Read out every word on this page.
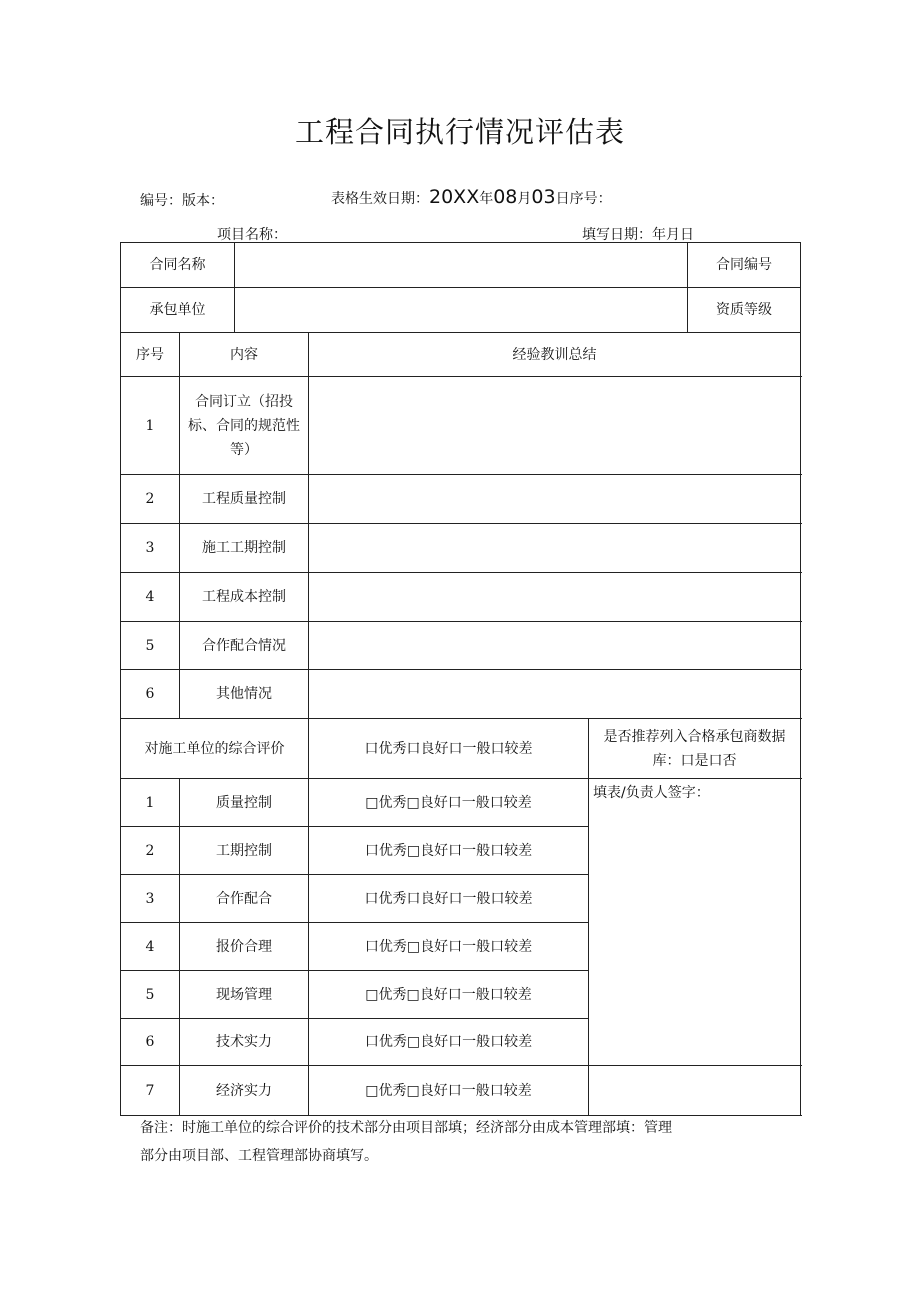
工程合同执行情况评估表
编号：版本：	表格生效日期：20XX年08月03日序号：
项目名称：	填写日期：年月日
合同名称					合同编号	
承包单位					资质等级	
序号	内容		经验教训总结			
1	合同订立（招投标、合同的规范性等）					
2	工程质量控制					
3	施工工期控制					
4	工程成本控制					
5	合作配合情况					
6	其他情况					
对施工单位的综合评价			口优秀口良好口一般口较差	是否推荐列入合格承包商数据库：口是口否		
1	质量控制		□优秀□良好口一般口较差	填表/负责人签字：		
2	工期控制		口优秀□良好口一般口较差			
3	合作配合		口优秀口良好口一般口较差			
4	报价合理		口优秀□良好口一般口较差			
5	现场管理		□优秀□良好口一般口较差			
6	技术实力		口优秀□良好口一般口较差			
7	经济实力		□优秀□良好口一般口较差			

备注：时施工单位的综合评价的技术部分由项目部填；经济部分由成本管理部填：管理

部分由项目部、工程管理部协商填写。
